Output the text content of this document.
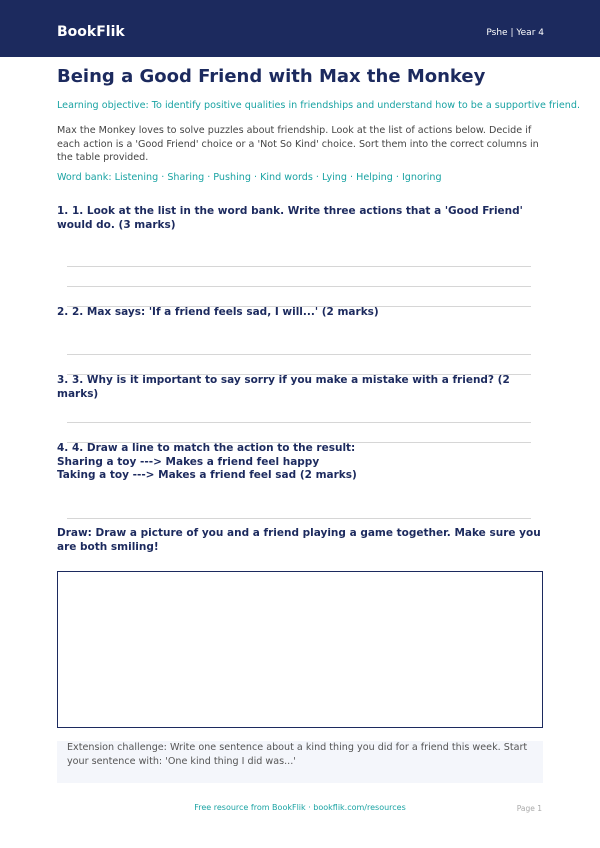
BookFlik	Pshe | Year 4
Being a Good Friend with Max the Monkey
Learning objective: To identify positive qualities in friendships and understand how to be a supportive friend.

Max the Monkey loves to solve puzzles about friendship. Look at the list of actions below. Decide if each action is a 'Good Friend' choice or a 'Not So Kind' choice. Sort them into the correct columns in the table provided.

Word bank: Listening · Sharing · Pushing · Kind words · Lying · Helping · Ignoring

1. 1. Look at the list in the word bank. Write three actions that a 'Good Friend' would do. (3 marks)

2. 2. Max says: 'If a friend feels sad, I will...' (2 marks)

3. 3. Why is it important to say sorry if you make a mistake with a friend? (2 marks)

4. 4. Draw a line to match the action to the result:
Sharing a toy ---> Makes a friend feel happy
Taking a toy ---> Makes a friend feel sad (2 marks)

Draw: Draw a picture of you and a friend playing a game together. Make sure you are both smiling!

Extension challenge: Write one sentence about a kind thing you did for a friend this week. Start your sentence with: 'One kind thing I did was...'
Free resource from BookFlik · bookflik.com/resources	Page 1
